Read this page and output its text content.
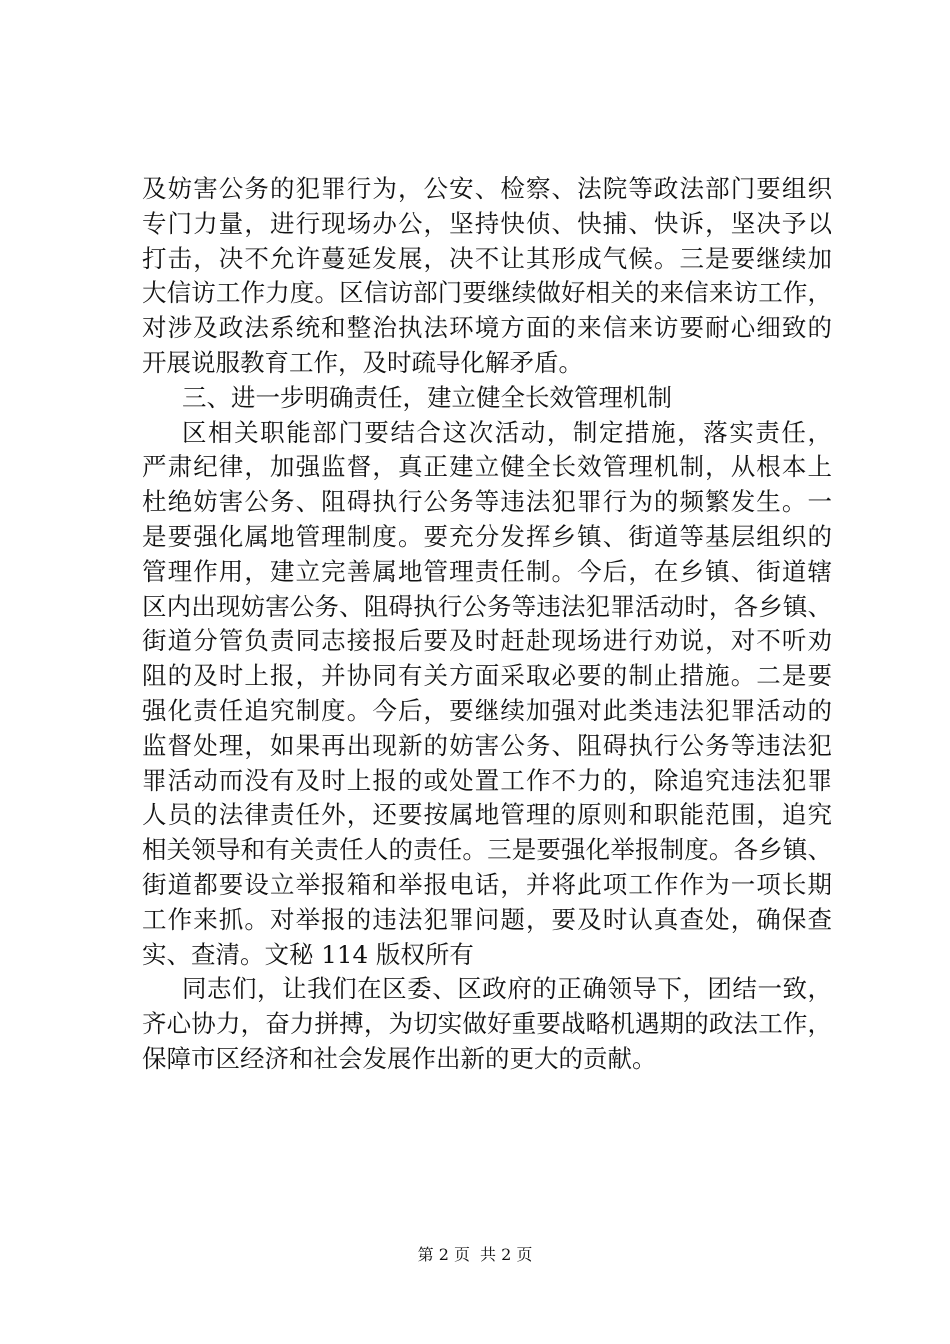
及妨害公务的犯罪行为，公安、检察、法院等政法部门要组织
专门力量，进行现场办公，坚持快侦、快捕、快诉，坚决予以
打击，决不允许蔓延发展，决不让其形成气候。三是要继续加
大信访工作力度。区信访部门要继续做好相关的来信来访工作，
对涉及政法系统和整治执法环境方面的来信来访要耐心细致的
开展说服教育工作，及时疏导化解矛盾。
三、进一步明确责任，建立健全长效管理机制
区相关职能部门要结合这次活动，制定措施，落实责任，
严肃纪律，加强监督，真正建立健全长效管理机制，从根本上
杜绝妨害公务、阻碍执行公务等违法犯罪行为的频繁发生。一
是要强化属地管理制度。要充分发挥乡镇、街道等基层组织的
管理作用，建立完善属地管理责任制。今后，在乡镇、街道辖
区内出现妨害公务、阻碍执行公务等违法犯罪活动时，各乡镇、
街道分管负责同志接报后要及时赶赴现场进行劝说，对不听劝
阻的及时上报，并协同有关方面采取必要的制止措施。二是要
强化责任追究制度。今后，要继续加强对此类违法犯罪活动的
监督处理，如果再出现新的妨害公务、阻碍执行公务等违法犯
罪活动而没有及时上报的或处置工作不力的，除追究违法犯罪
人员的法律责任外，还要按属地管理的原则和职能范围，追究
相关领导和有关责任人的责任。三是要强化举报制度。各乡镇、
街道都要设立举报箱和举报电话，并将此项工作作为一项长期
工作来抓。对举报的违法犯罪问题，要及时认真查处，确保查
实、查清。文秘 114 版权所有
同志们，让我们在区委、区政府的正确领导下，团结一致，
齐心协力，奋力拼搏，为切实做好重要战略机遇期的政法工作，
保障市区经济和社会发展作出新的更大的贡献。
第 2 页 共 2 页
